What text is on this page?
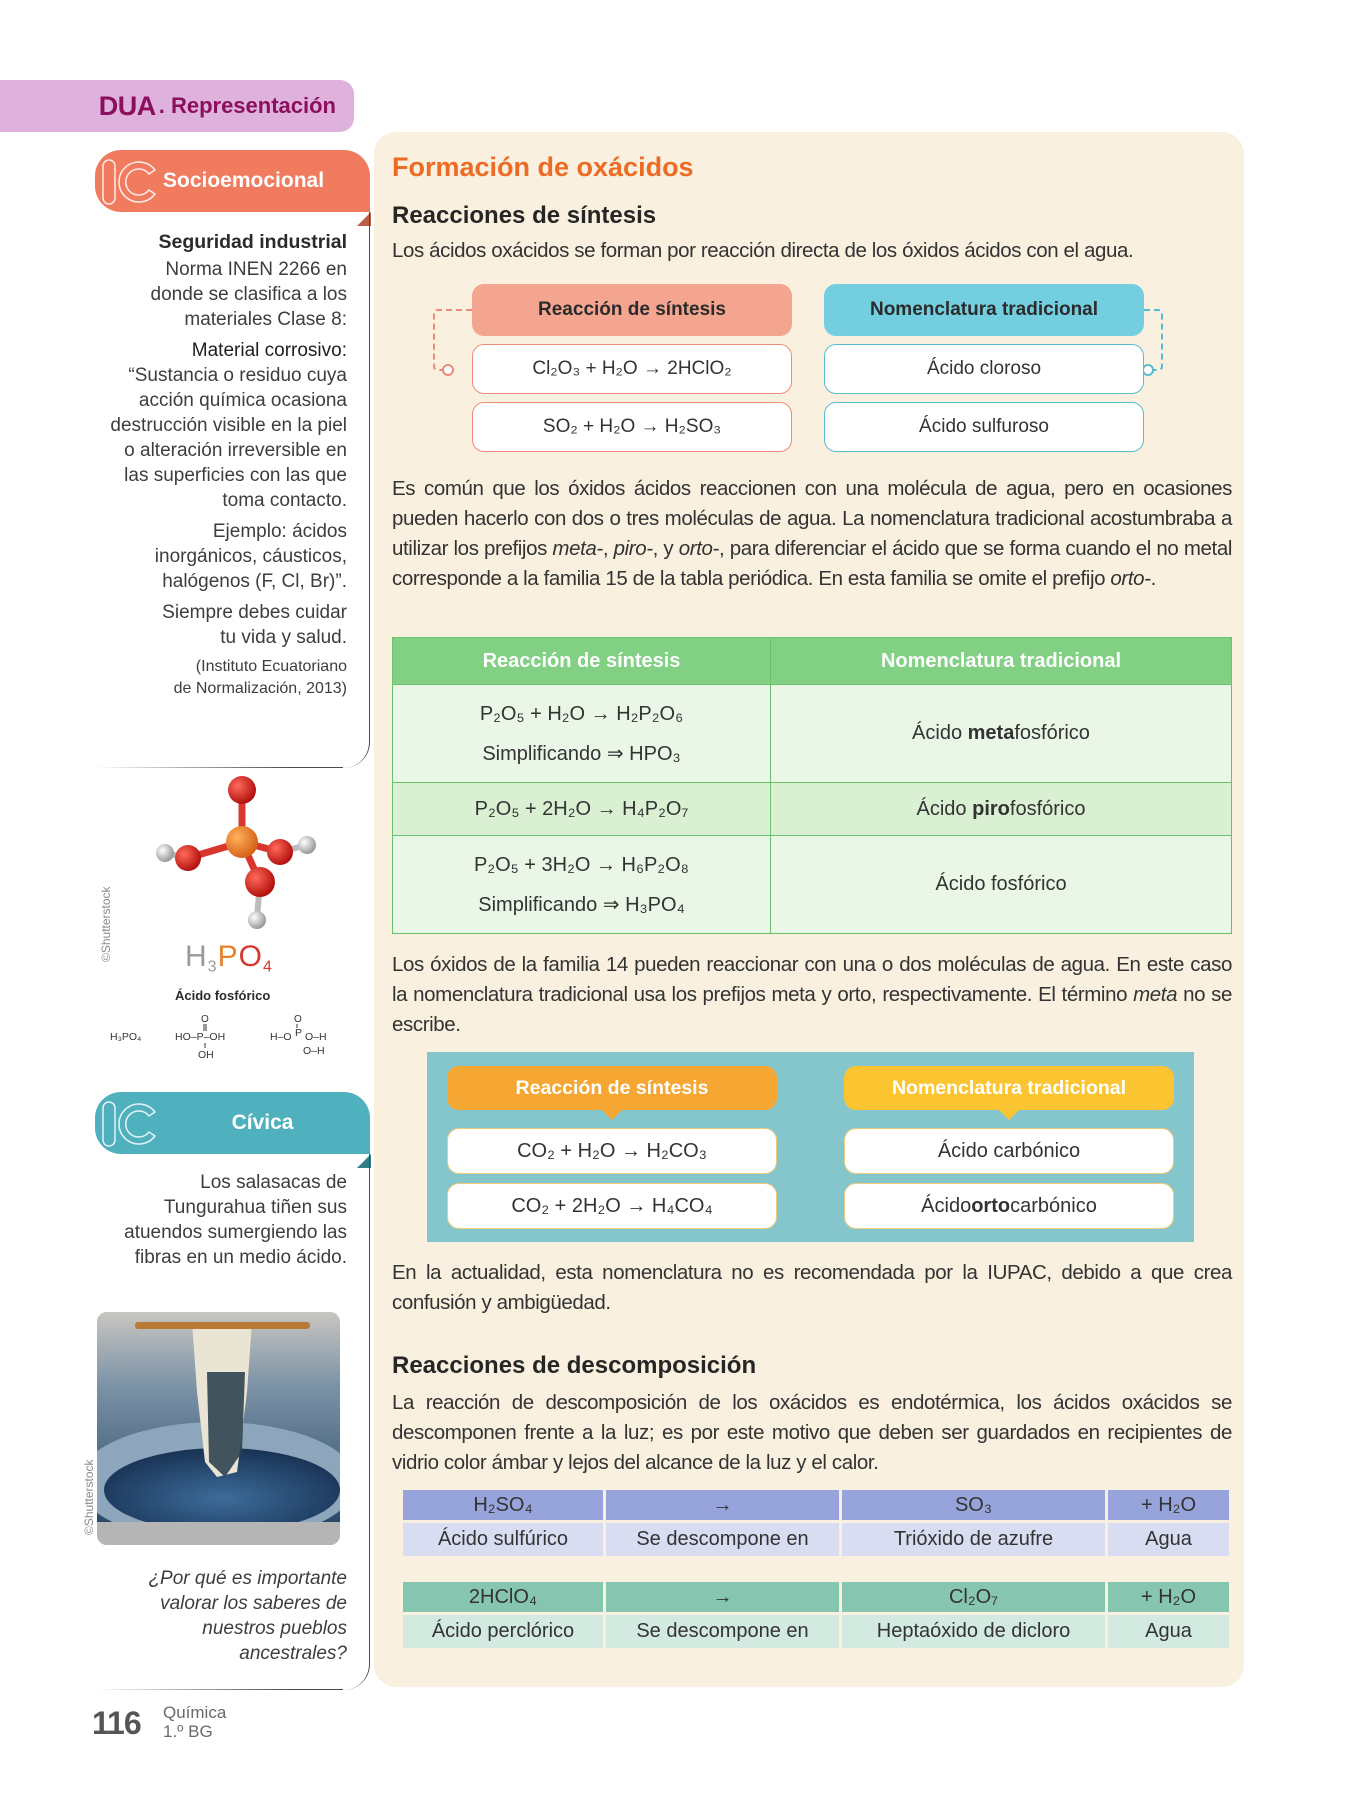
DUA . Representación
Socioemocional

Seguridad industrial

Norma INEN 2266 en donde se clasifica a los materiales Clase 8:

Material corrosivo:

“Sustancia o residuo cuya acción química ocasiona destrucción visible en la piel o alteración irreversible en las superficies con las que toma contacto.

Ejemplo: ácidos inorgánicos, cáusticos, halógenos (F, Cl, Br)”.

Siempre debes cuidar tu vida y salud.

(Instituto Ecuatoriano

de Normalización, 2013)

©Shutterstock $H_3PO_4$
Ácido fosfórico
H₃PO₄	HO–P–OH
O
OH
H–O P
O
O–H
O–H
Cívica

Los salasacas de Tungurahua tiñen sus atuendos sumergiendo las fibras en un medio ácido.

¿Por qué es importante valorar los saberes de nuestros pueblos ancestrales?

©Shutterstock
116 Química
1.º BG
Formación de oxácidos
Reacciones de síntesis
Los ácidos oxácidos se forman por reacción directa de los óxidos ácidos con el agua.
Reacción de síntesis	Nomenclatura tradicional
Cl₂O₃ + H₂O → 2HClO₂	Ácido cloroso
SO₂ + H₂O → H₂SO₃	Ácido sulfuroso
Es común que los óxidos ácidos reaccionen con una molécula de agua, pero en ocasiones pueden hacerlo con dos o tres moléculas de agua. La nomenclatura tradicional acostumbraba a utilizar los prefijos meta-, piro-, y orto-, para diferenciar el ácido que se forma cuando el no metal corresponde a la familia 15 de la tabla periódica. En esta familia se omite el prefijo orto-.
Reacción de síntesis	Nomenclatura tradicional

P₂O₅ + H₂O → H₂P₂O₆
Simplificando ⇒ HPO₃	Ácido metafosfórico

P₂O₅ + 2H₂O → H₄P₂O₇	Ácido pirofosfórico

P₂O₅ + 3H₂O → H₆P₂O₈
Simplificando ⇒ H₃PO₄	Ácido fosfórico
Los óxidos de la familia 14 pueden reaccionar con una o dos moléculas de agua. En este caso la nomenclatura tradicional usa los prefijos meta y orto, respectivamente. El término meta no se escribe.
Reacción de síntesis	Nomenclatura tradicional
CO₂ + H₂O → H₂CO₃	Ácido carbónico
CO₂ + 2H₂O → H₄CO₄	Ácido orto carbónico
En la actualidad, esta nomenclatura no es recomendada por la IUPAC, debido a que crea confusión y ambigüedad.
Reacciones de descomposición
La reacción de descomposición de los oxácidos es endotérmica, los ácidos oxácidos se descomponen frente a la luz; es por este motivo que deben ser guardados en recipientes de vidrio color ámbar y lejos del alcance de la luz y el calor.
H₂SO₄	→	SO₃	+ H₂O
Ácido sulfúrico	Se descompone en	Trióxido de azufre	Agua
2HClO₄	→	Cl₂O₇	+ H₂O
Ácido perclórico	Se descompone en	Heptaóxido de dicloro	Agua
